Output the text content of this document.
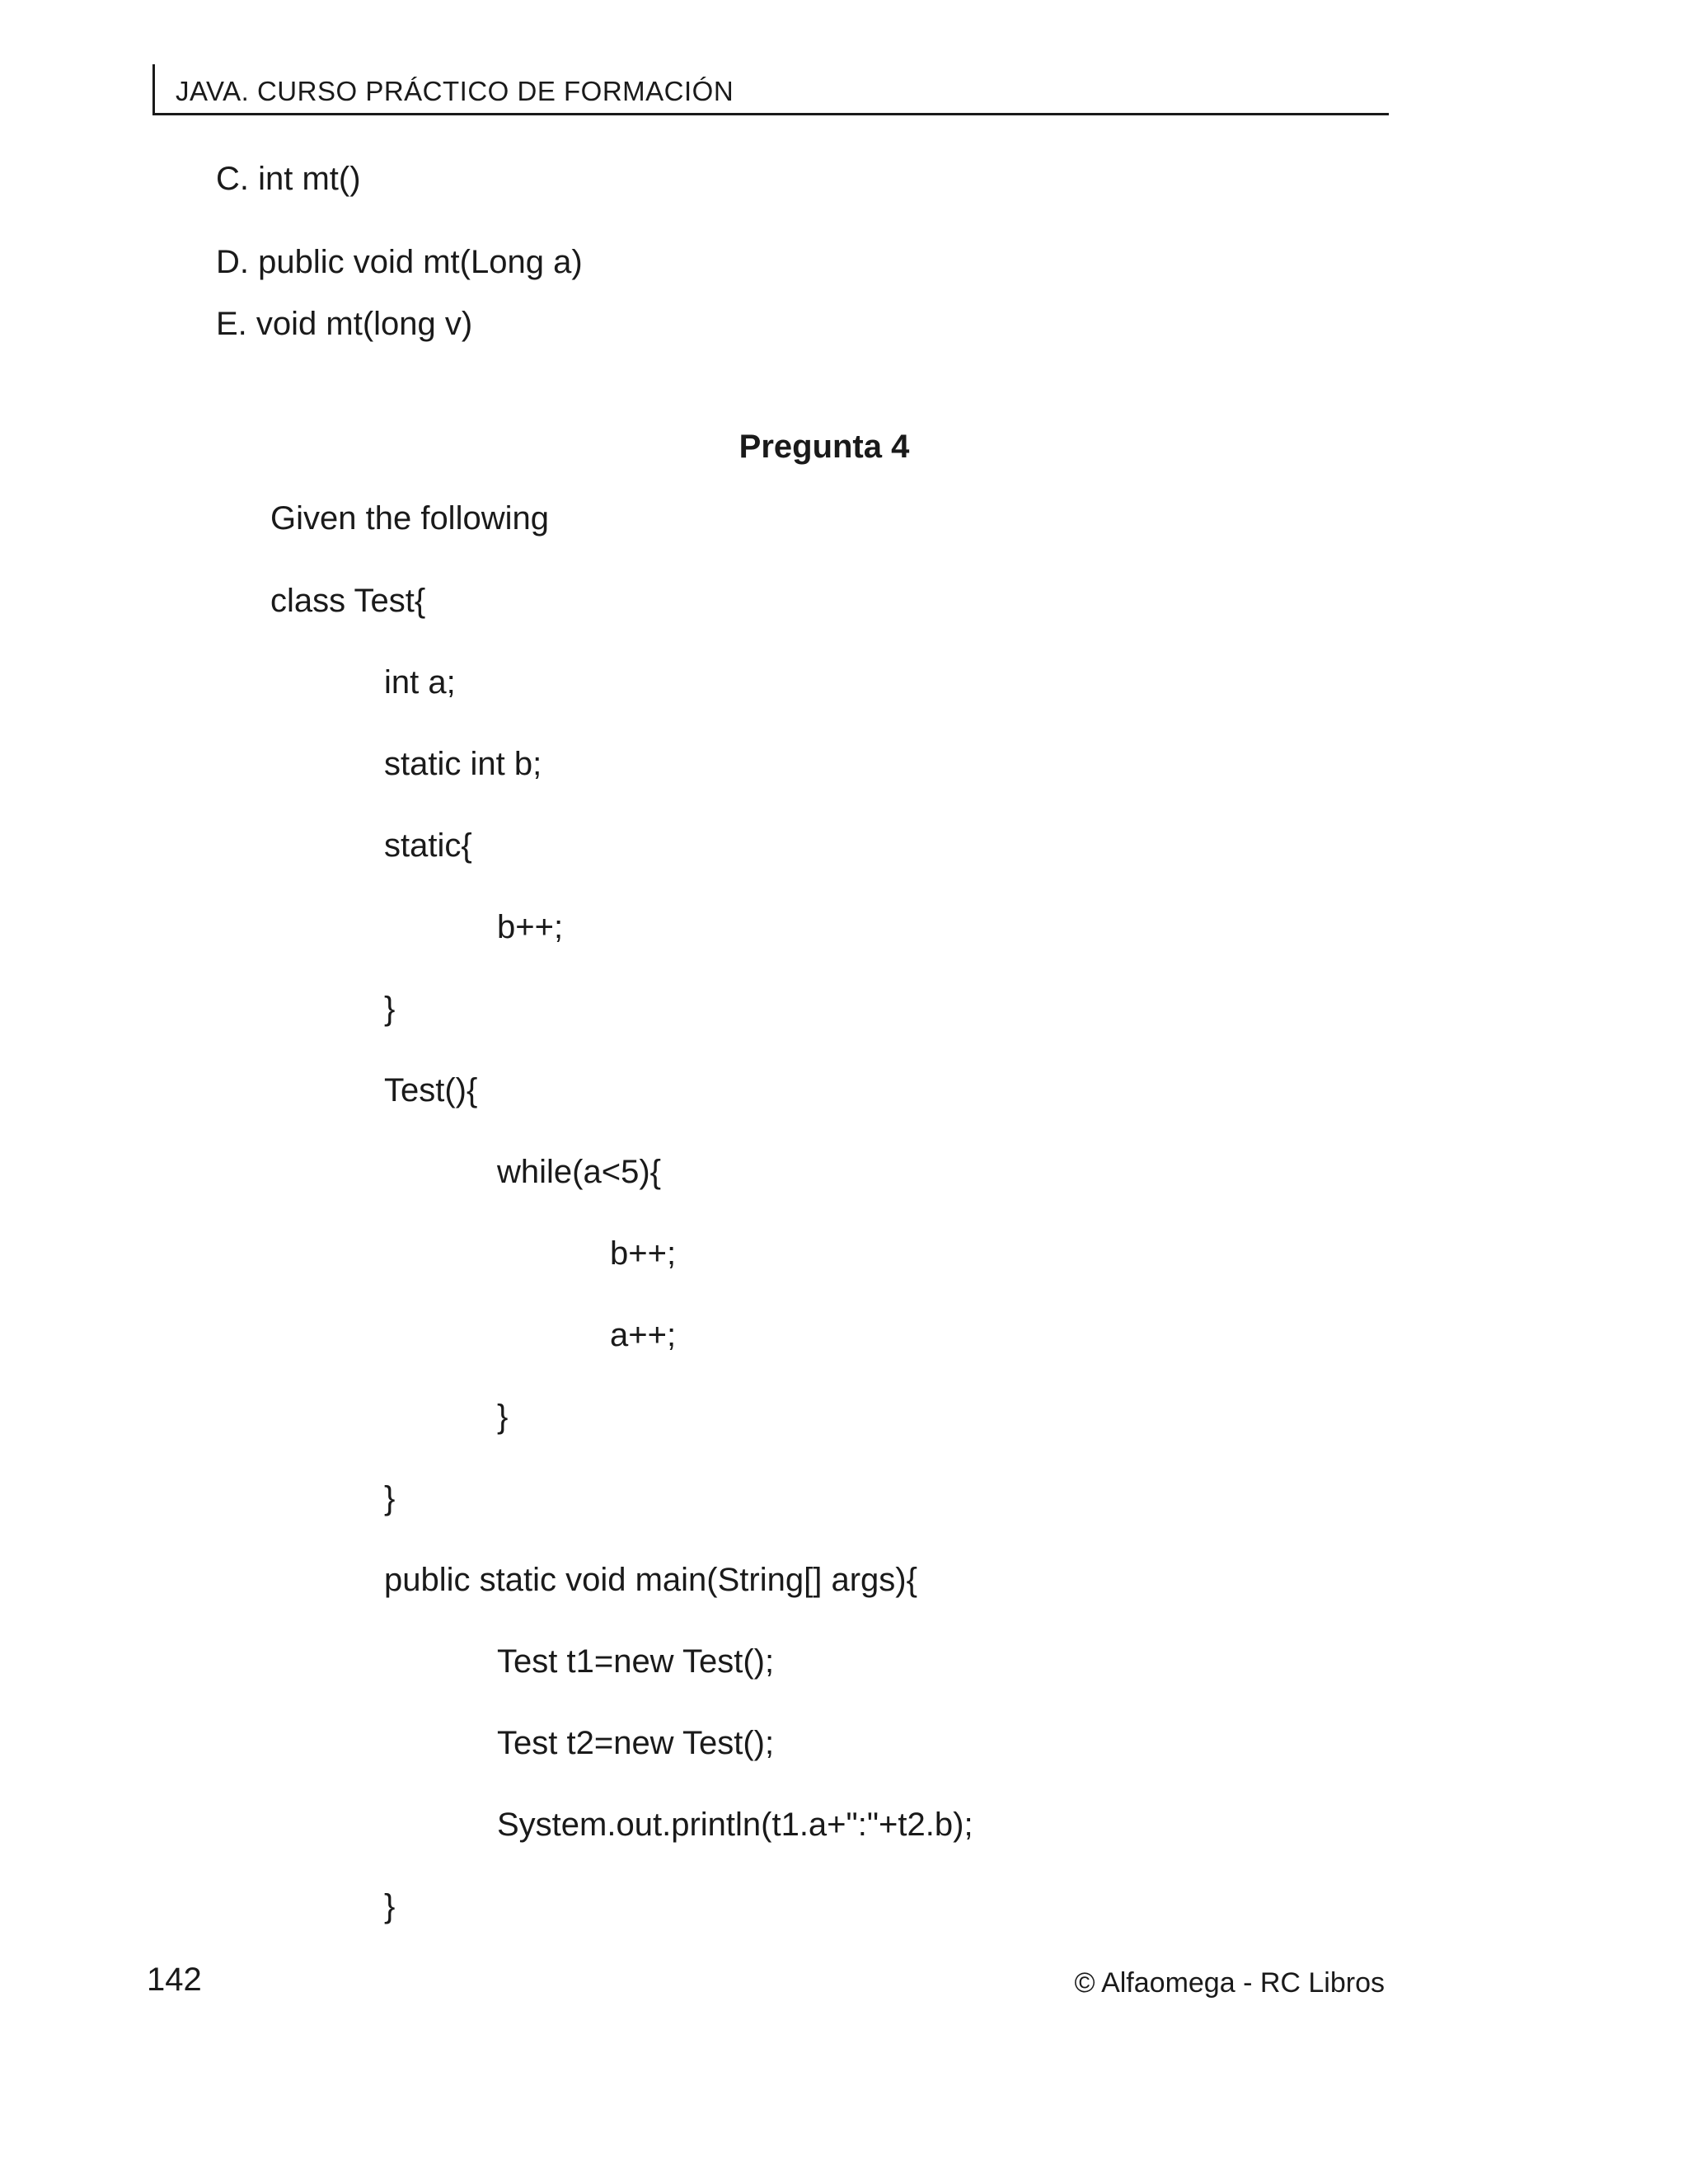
JAVA. CURSO PRÁCTICO DE FORMACIÓN
C. int mt()
D. public void mt(Long a)
E. void mt(long v)
Pregunta 4
Given the following
class Test{
int a;
static int b;
static{
b++;
}
Test(){
while(a<5){
b++;
a++;
}
}
public static void main(String[] args){
Test t1=new Test();
Test t2=new Test();
System.out.println(t1.a+":"+t2.b);
}
142	© Alfaomega - RC Libros
